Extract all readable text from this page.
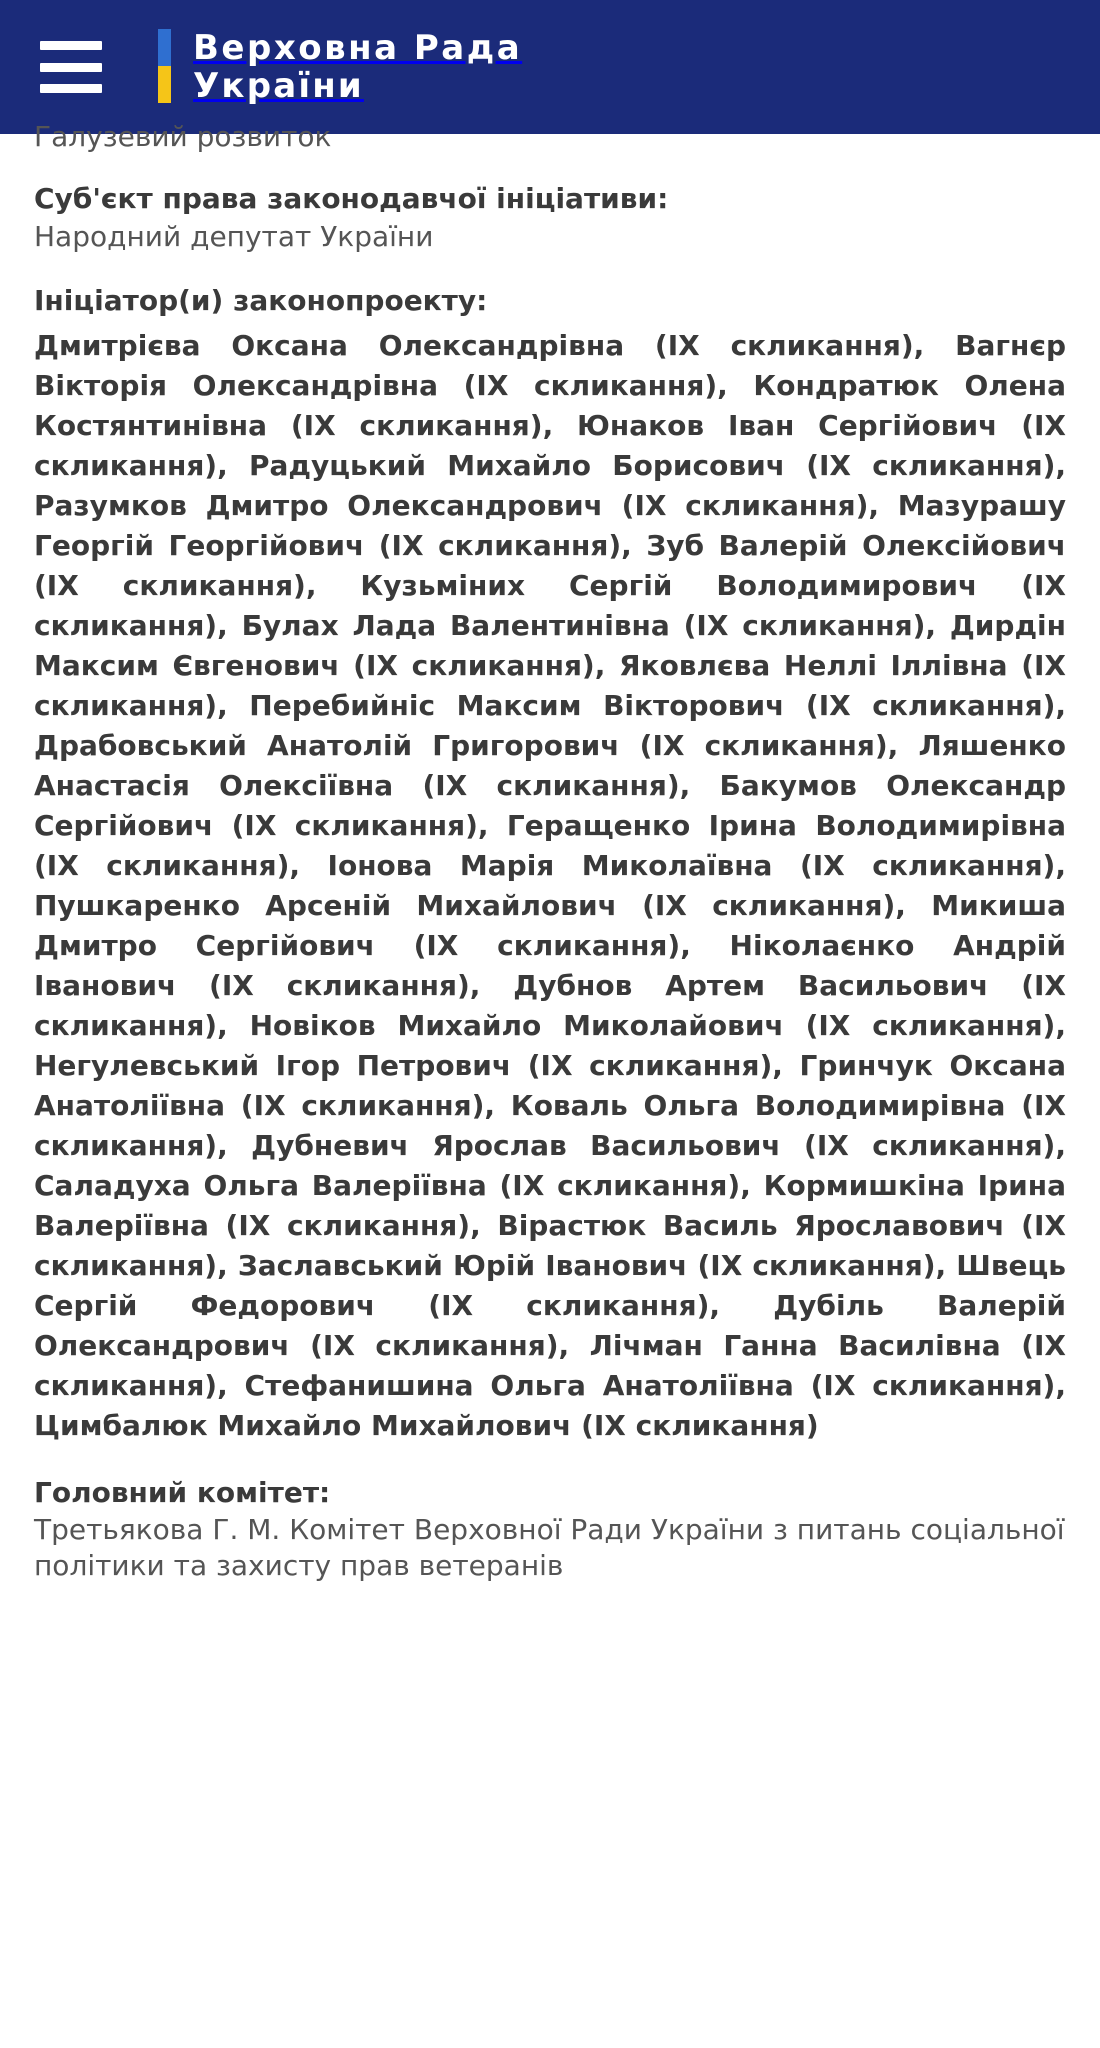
Верховна Рада
України
Галузевий розвиток
Суб'єкт права законодавчої ініціативи:
Народний депутат України
Ініціатор(и) законопроекту:
Дмитрієва Оксана Олександрівна (IX скликання), Вагнєр Вікторія Олександрівна (IX скликання), Кондратюк Олена Костянтинівна (IX скликання), Юнаков Іван Сергійович (IX скликання), Радуцький Михайло Борисович (IX скликання), Разумков Дмитро Олександрович (IX скликання), Мазурашу Георгій Георгійович (IX скликання), Зуб Валерій Олексійович (IX скликання), Кузьміних Сергій Володимирович (IX скликання), Булах Лада Валентинівна (IX скликання), Дирдін Максим Євгенович (IX скликання), Яковлєва Неллі Іллівна (IX скликання), Перебийніс Максим Вікторович (IX скликання), Драбовський Анатолій Григорович (IX скликання), Ляшенко Анастасія Олексіївна (IX скликання), Бакумов Олександр Сергійович (IX скликання), Геращенко Ірина Володимирівна (IX скликання), Іонова Марія Миколаївна (IX скликання), Пушкаренко Арсеній Михайлович (IX скликання), Микиша Дмитро Сергійович (IX скликання), Ніколаєнко Андрій Іванович (IX скликання), Дубнов Артем Васильович (IX скликання), Новіков Михайло Миколайович (IX скликання), Негулевський Ігор Петрович (IX скликання), Гринчук Оксана Анатоліївна (IX скликання), Коваль Ольга Володимирівна (IX скликання), Дубневич Ярослав Васильович (IX скликання), Саладуха Ольга Валеріївна (IX скликання), Кормишкіна Ірина Валеріївна (IX скликання), Вірастюк Василь Ярославович (IX скликання), Заславський Юрій Іванович (IX скликання), Швець Сергій Федорович (IX скликання), Дубіль Валерій Олександрович (IX скликання), Лічман Ганна Василівна (IX скликання), Стефанишина Ольга Анатоліївна (IX скликання), Цимбалюк Михайло Михайлович (IX скликання)
Головний комітет:
Третьякова Г. М. Комітет Верховної Ради України з питань соціальної політики та захисту прав ветеранів
